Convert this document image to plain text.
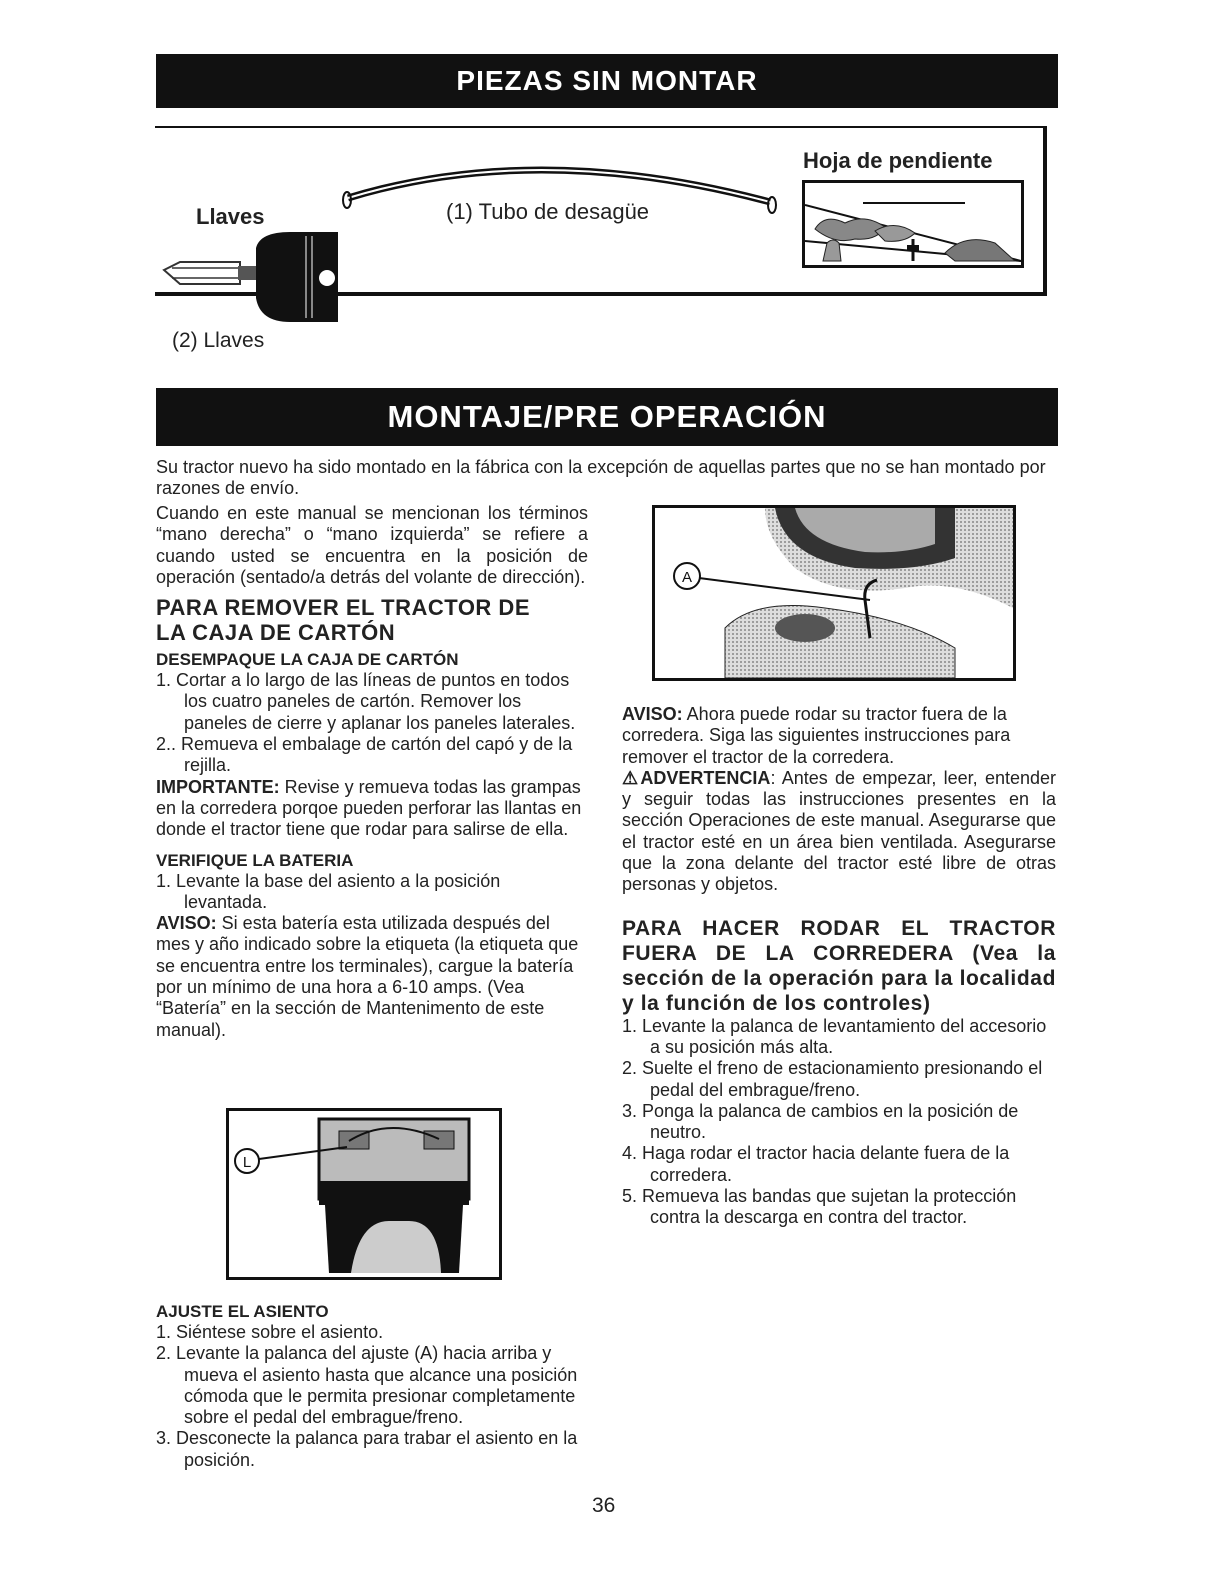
PIEZAS SIN MONTAR
Llaves
(2) Llaves
(1) Tubo de desagüe
Hoja de pendiente
MONTAJE/PRE OPERACIÓN
Su tractor nuevo ha sido montado en la fábrica con la excepción de aquellas partes que no se han montado por razones de envío.

Cuando en este manual se mencionan los términos “mano derecha” o “mano izquierda” se refiere a cuando usted se encuentra en la posición de operación (sentado/a detrás del volante de dirección).

PARA REMOVER EL TRACTOR DE LA CAJA DE CARTÓN

DESEMPAQUE LA CAJA DE CARTÓN

1. Cortar a lo largo de las líneas de puntos en todos los cuatro paneles de cartón. Remover los paneles de cierre y aplanar los paneles laterales.

2.. Remueva el embalage de cartón del capó y de la rejilla.

IMPORTANTE: Revise y remueva todas las grampas en la corredera porqoe pueden perforar las llantas en donde el tractor tiene que rodar para salirse de ella.

VERIFIQUE LA BATERIA

1. Levante la base del asiento a la posición levantada.

AVISO: Si esta batería esta utilizada después del mes y año indicado sobre la etiqueta (la etiqueta que se encuentra entre los terminales), cargue la batería por un mínimo de una hora a 6-10 amps. (Vea “Batería” en la sección de Mantenimento de este manual).

L

AJUSTE EL ASIENTO

1. Siéntese sobre el asiento.

2. Levante la palanca del ajuste (A) hacia arriba y mueva el asiento hasta que alcance una posición cómoda que le permita presionar completamente sobre el pedal del embrague/freno.

3. Desconecte la palanca para trabar el asiento en la posición.

A

AVISO: Ahora puede rodar su tractor fuera de la corredera. Siga las siguientes instrucciones para remover el tractor de la corredera.

⚠ADVERTENCIA: Antes de empezar, leer, entender y seguir todas las instrucciones presentes en la sección Operaciones de este manual. Asegurarse que el tractor esté en un área bien ventilada. Asegurarse que la zona delante del tractor esté libre de otras personas y objetos.

PARA HACER RODAR EL TRACTOR FUERA DE LA CORREDERA (Vea la sección de la operación para la localidad y la función de los controles)

1. Levante la palanca de levantamiento del accesorio a su posición más alta.

2. Suelte el freno de estacionamiento presionando el pedal del embrague/freno.

3. Ponga la palanca de cambios en la posición de neutro.

4. Haga rodar el tractor hacia delante fuera de la corredera.

5. Remueva las bandas que sujetan la protección contra la descarga en contra del tractor.

36
